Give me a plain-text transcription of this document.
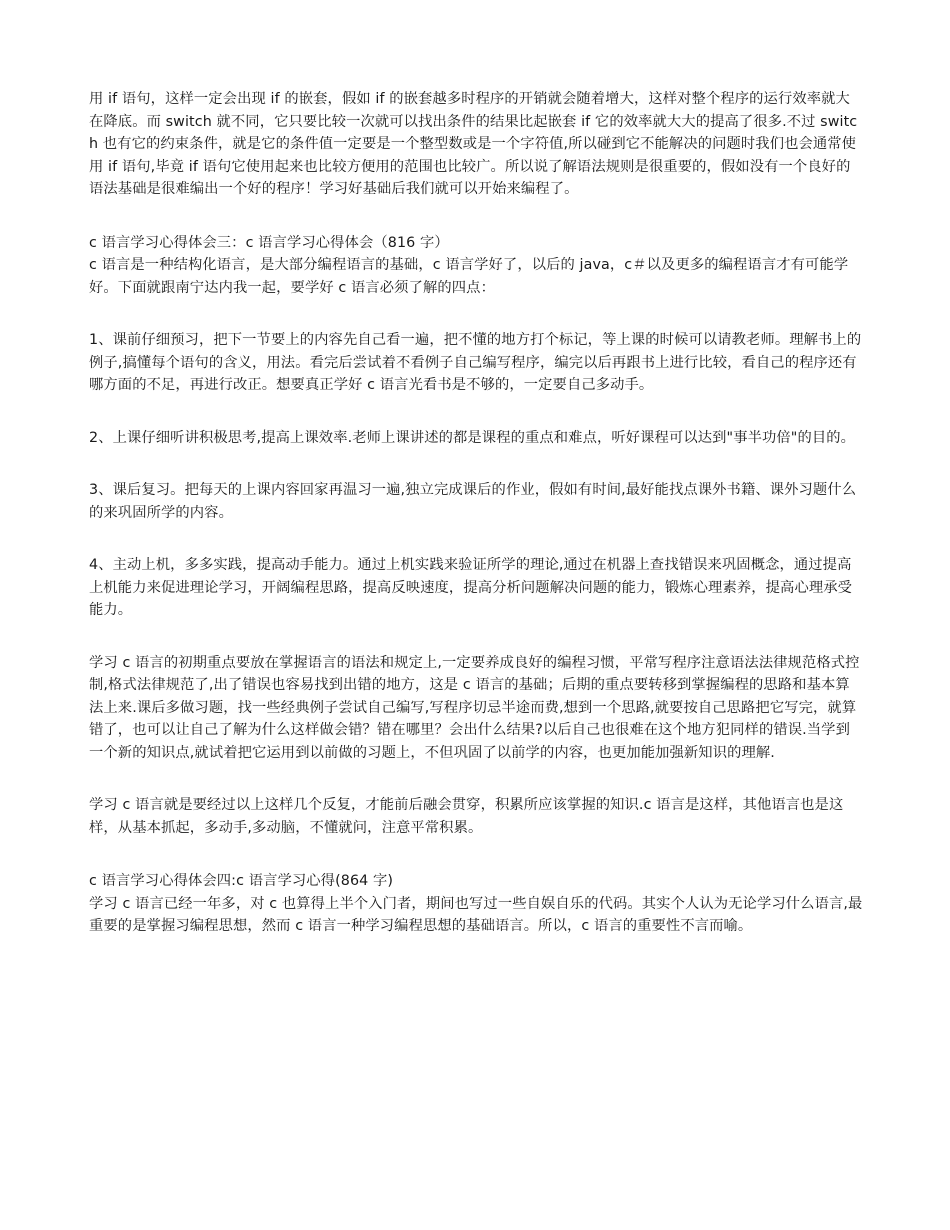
用 if 语句，这样一定会出现 if 的嵌套，假如 if 的嵌套越多时程序的开销就会随着增大，这样对整个程序的运行效率就大在降底。而 switch 就不同，它只要比较一次就可以找出条件的结果比起嵌套 if 它的效率就大大的提高了很多.不过 switch 也有它的约束条件，就是它的条件值一定要是一个整型数或是一个字符值,所以碰到它不能解决的问题时我们也会通常使用 if 语句,毕竟 if 语句它使用起来也比较方便用的范围也比较广。所以说了解语法规则是很重要的，假如没有一个良好的语法基础是很难编出一个好的程序！学习好基础后我们就可以开始来编程了。

c 语言学习心得体会三：c 语言学习心得体会（816 字）

c 语言是一种结构化语言，是大部分编程语言的基础，c 语言学好了，以后的 java，c＃以及更多的编程语言才有可能学好。下面就跟南宁达内我一起，要学好 c 语言必须了解的四点：

1、课前仔细预习，把下一节要上的内容先自己看一遍，把不懂的地方打个标记，等上课的时候可以请教老师。理解书上的例子,搞懂每个语句的含义，用法。看完后尝试着不看例子自己编写程序，编完以后再跟书上进行比较，看自己的程序还有哪方面的不足，再进行改正。想要真正学好 c 语言光看书是不够的，一定要自己多动手。

2、上课仔细听讲积极思考,提高上课效率.老师上课讲述的都是课程的重点和难点，听好课程可以达到"事半功倍"的目的。

3、课后复习。把每天的上课内容回家再温习一遍,独立完成课后的作业，假如有时间,最好能找点课外书籍、课外习题什么的来巩固所学的内容。

4、主动上机，多多实践，提高动手能力。通过上机实践来验证所学的理论,通过在机器上查找错误来巩固概念，通过提高上机能力来促进理论学习，开阔编程思路，提高反映速度，提高分析问题解决问题的能力，锻炼心理素养，提高心理承受能力。

学习 c 语言的初期重点要放在掌握语言的语法和规定上,一定要养成良好的编程习惯，平常写程序注意语法法律规范格式控制,格式法律规范了,出了错误也容易找到出错的地方，这是 c 语言的基础；后期的重点要转移到掌握编程的思路和基本算法上来.课后多做习题，找一些经典例子尝试自己编写,写程序切忌半途而费,想到一个思路,就要按自己思路把它写完，就算错了，也可以让自己了解为什么这样做会错？错在哪里？会出什么结果?以后自己也很难在这个地方犯同样的错误.当学到一个新的知识点,就试着把它运用到以前做的习题上，不但巩固了以前学的内容，也更加能加强新知识的理解.

学习 c 语言就是要经过以上这样几个反复，才能前后融会贯穿，积累所应该掌握的知识.c 语言是这样，其他语言也是这样，从基本抓起，多动手,多动脑，不懂就问，注意平常积累。

c 语言学习心得体会四:c 语言学习心得(864 字)

学习 c 语言已经一年多，对 c 也算得上半个入门者，期间也写过一些自娱自乐的代码。其实个人认为无论学习什么语言,最重要的是掌握习编程思想，然而 c 语言一种学习编程思想的基础语言。所以，c 语言的重要性不言而喻。
